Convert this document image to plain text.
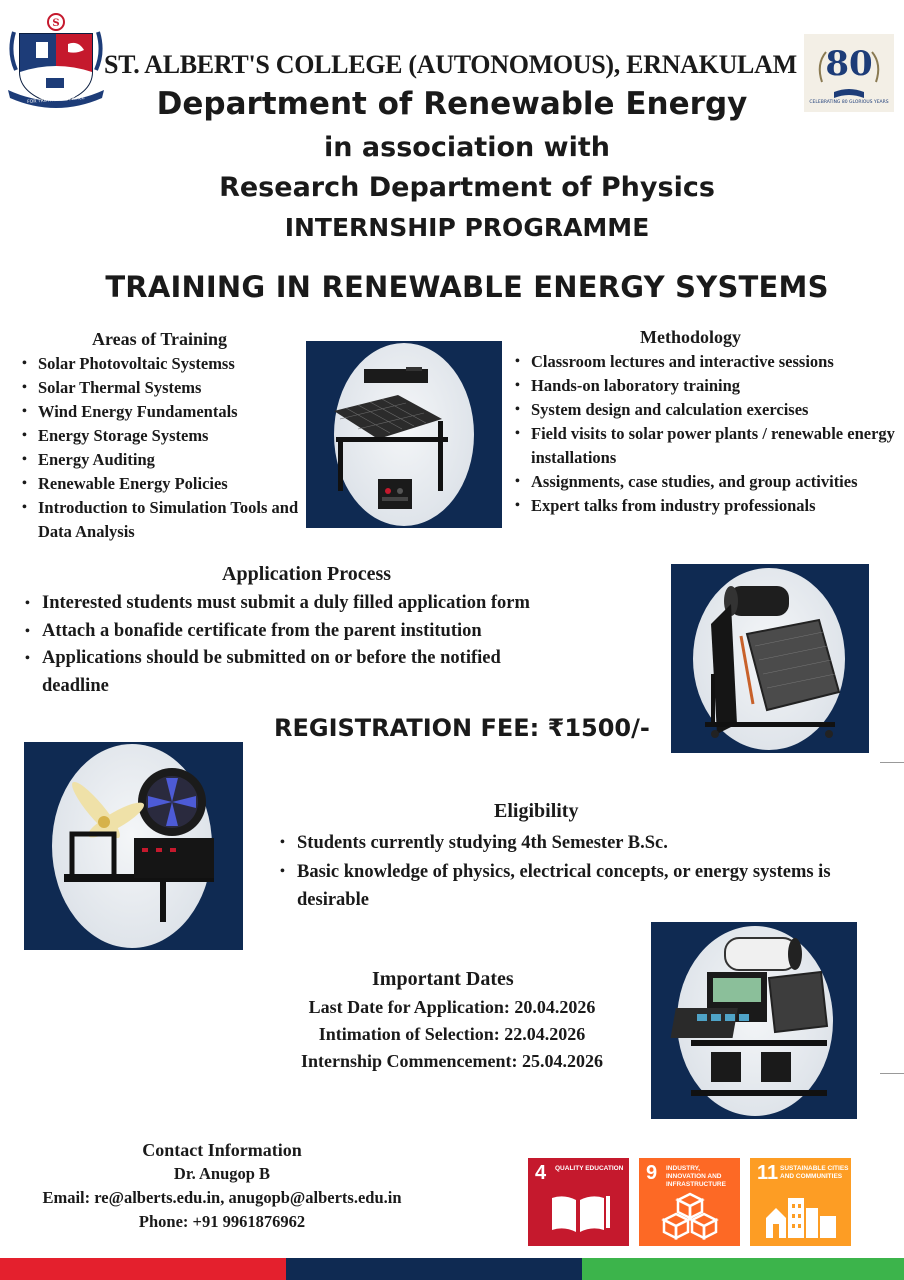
S
FOR TRUTH AND SERVICE
ST. ALBERT'S COLLEGE (AUTONOMOUS), ERNAKULAM 80
CELEBRATING 80 GLORIOUS YEARS
Department of Renewable Energy
in association with
Research Department of Physics
INTERNSHIP PROGRAMME
TRAINING IN RENEWABLE ENERGY SYSTEMS
Areas of Training
• Solar Photovoltaic Systemss
• Solar Thermal Systems
• Wind Energy Fundamentals
• Energy Storage Systems
• Energy Auditing
• Renewable Energy Policies
• Introduction to Simulation Tools and Data Analysis
Methodology
• Classroom lectures and interactive sessions
• Hands-on laboratory training
• System design and calculation exercises
• Field visits to solar power plants / renewable energy installations
• Assignments, case studies, and group activities
• Expert talks from industry professionals
Application Process
• Interested students must submit a duly filled application form
• Attach a bonafide certificate from the parent institution
• Applications should be submitted on or before the notified deadline
REGISTRATION FEE: ₹1500/-
Eligibility
• Students currently studying 4th Semester B.Sc.
• Basic knowledge of physics, electrical concepts, or energy systems is desirable
Important Dates
Last Date for Application: 20.04.2026
Intimation of Selection: 22.04.2026
Internship Commencement: 25.04.2026
Contact Information
Dr. Anugop B
Email: re@alberts.edu.in, anugopb@alberts.edu.in
Phone: +91 9961876962
4 QUALITY EDUCATION 9 INDUSTRY, INNOVATION AND INFRASTRUCTURE
11 SUSTAINABLE CITIES AND COMMUNITIES
